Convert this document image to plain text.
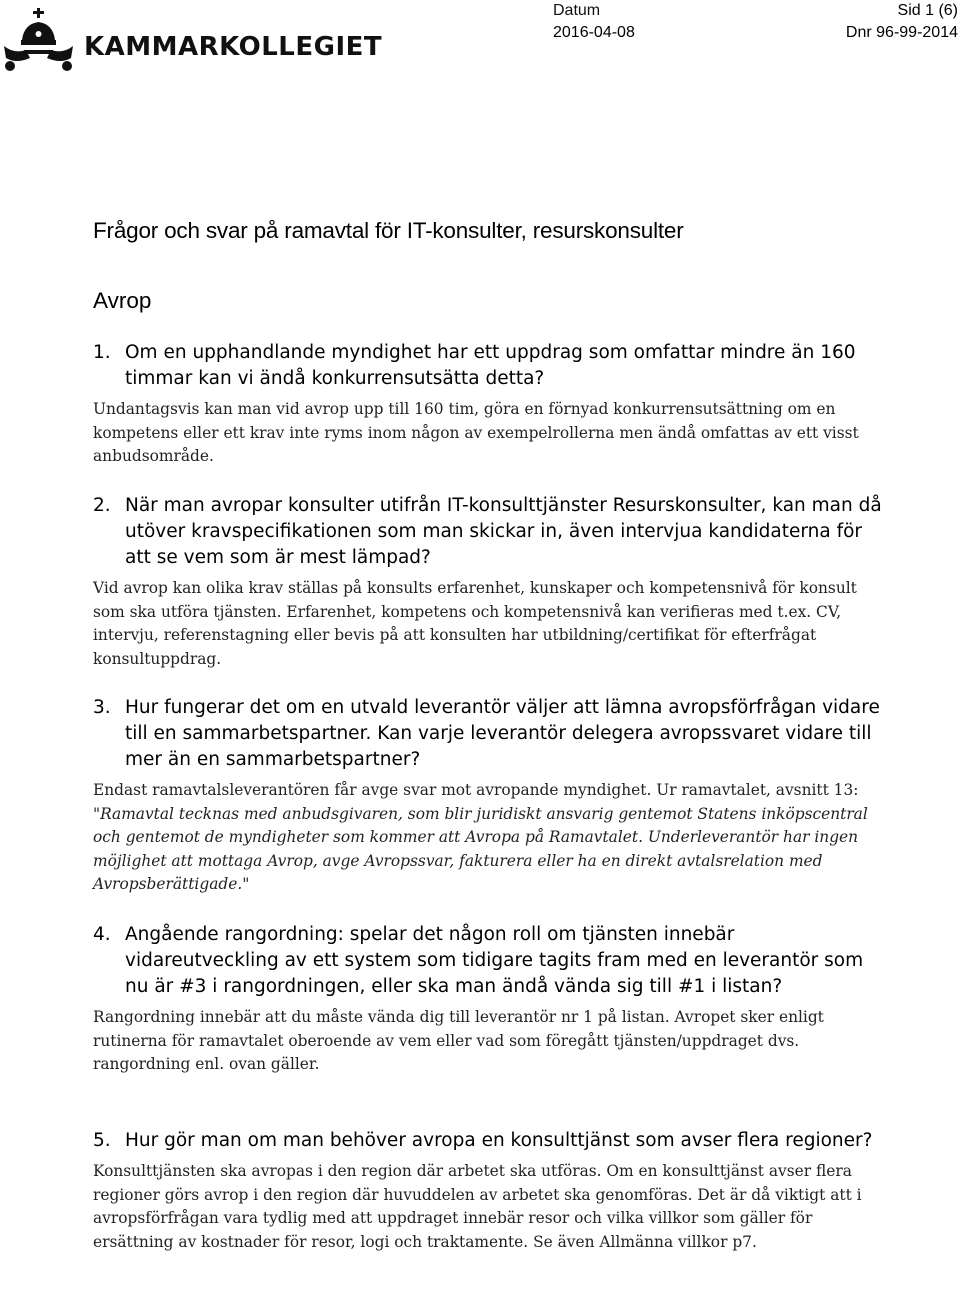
KAMMARKOLLEGIET
Datum
2016-04-08
Sid 1 (6)
Dnr 96-99-2014
Frågor och svar på ramavtal för IT-konsulter, resurskonsulter
Avrop
1. Om en upphandlande myndighet har ett uppdrag som omfattar mindre än 160 timmar kan vi ändå konkurrensutsätta detta?
Undantagsvis kan man vid avrop upp till 160 tim, göra en förnyad konkurrensutsättning om en kompetens eller ett krav inte ryms inom någon av exempelrollerna men ändå omfattas av ett visst anbudsområde.
2. När man avropar konsulter utifrån IT-konsulttjänster Resurskonsulter, kan man då utöver kravspecifikationen som man skickar in, även intervjua kandidaterna för att se vem som är mest lämpad?
Vid avrop kan olika krav ställas på konsults erfarenhet, kunskaper och kompetensnivå för konsult som ska utföra tjänsten. Erfarenhet, kompetens och kompetensnivå kan verifieras med t.ex. CV, intervju, referenstagning eller bevis på att konsulten har utbildning/certifikat för efterfrågat konsultuppdrag.
3. Hur fungerar det om en utvald leverantör väljer att lämna avropsförfrågan vidare till en sammarbetspartner. Kan varje leverantör delegera avropssvaret vidare till mer än en sammarbetspartner?
Endast ramavtalsleverantören får avge svar mot avropande myndighet. Ur ramavtalet, avsnitt 13: "Ramavtal tecknas med anbudsgivaren, som blir juridiskt ansvarig gentemot Statens inköpscentral och gentemot de myndigheter som kommer att Avropa på Ramavtalet. Underleverantör har ingen möjlighet att mottaga Avrop, avge Avropssvar, fakturera eller ha en direkt avtalsrelation med Avropsberättigade."
4. Angående rangordning: spelar det någon roll om tjänsten innebär vidareutveckling av ett system som tidigare tagits fram med en leverantör som nu är #3 i rangordningen, eller ska man ändå vända sig till #1 i listan?
Rangordning innebär att du måste vända dig till leverantör nr 1 på listan. Avropet sker enligt rutinerna för ramavtalet oberoende av vem eller vad som föregått tjänsten/uppdraget dvs. rangordning enl. ovan gäller.
5. Hur gör man om man behöver avropa en konsulttjänst som avser flera regioner?
Konsulttjänsten ska avropas i den region där arbetet ska utföras. Om en konsulttjänst avser flera regioner görs avrop i den region där huvuddelen av arbetet ska genomföras. Det är då viktigt att i avropsförfrågan vara tydlig med att uppdraget innebär resor och vilka villkor som gäller för ersättning av kostnader för resor, logi och traktamente. Se även Allmänna villkor p7.
